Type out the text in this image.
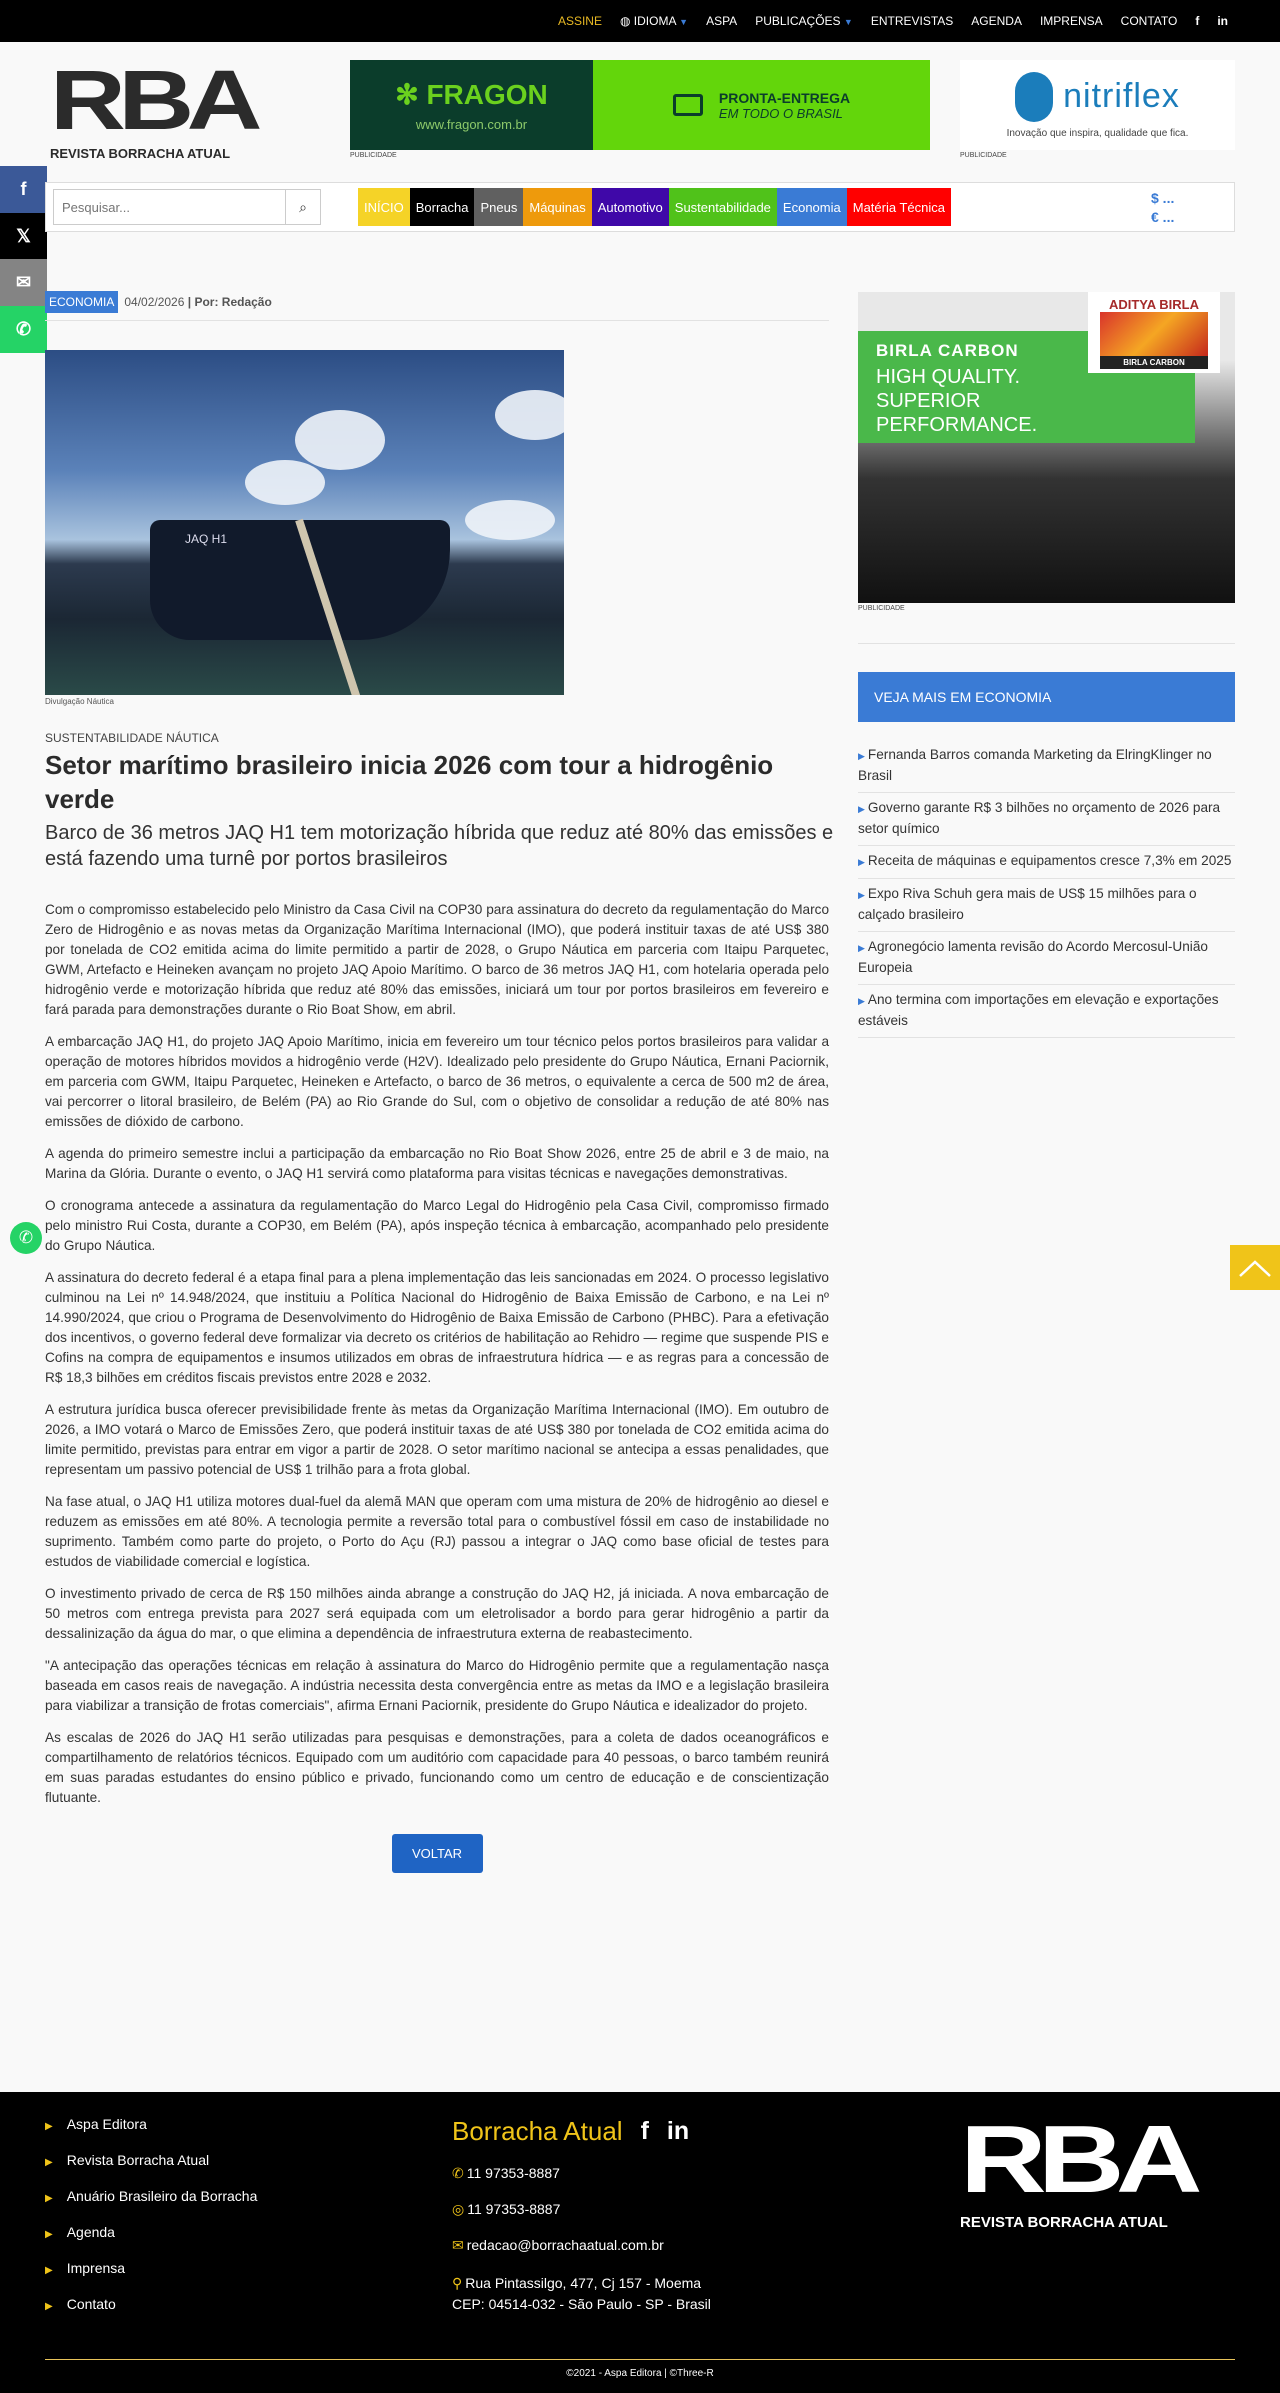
ASSINE ◍ IDIOMA ▼ ASPA PUBLICAÇÕES ▼ ENTREVISTAS AGENDA IMPRENSA CONTATO f in
RBA
REVISTA BORRACHA ATUAL
✻ FRAGON
www.fragon.com.br
PRONTA-ENTREGA
EM TODO O BRASIL
PUBLICIDADE
nitriflex
Inovação que inspira, qualidade que fica.
PUBLICIDADE
f
𝕏
✉
✆
Pesquisar...
⌕	INÍCIO Borracha Pneus Máquinas Automotivo Sustentabilidade Economia Matéria Técnica
$ ...
€ ...
ECONOMIA 04/02/2026
| Por: Redação
JAQ H1
Divulgação Náutica
SUSTENTABILIDADE NÁUTICA
Setor marítimo brasileiro inicia 2026 com tour a hidrogênio verde
Barco de 36 metros JAQ H1 tem motorização híbrida que reduz até 80% das emissões e está fazendo uma turnê por portos brasileiros

Com o compromisso estabelecido pelo Ministro da Casa Civil na COP30 para assinatura do decreto da regulamentação do Marco Zero de Hidrogênio e as novas metas da Organização Marítima Internacional (IMO), que poderá instituir taxas de até US$ 380 por tonelada de CO2 emitida acima do limite permitido a partir de 2028, o Grupo Náutica em parceria com Itaipu Parquetec, GWM, Artefacto e Heineken avançam no projeto JAQ Apoio Marítimo. O barco de 36 metros JAQ H1, com hotelaria operada pelo hidrogênio verde e motorização híbrida que reduz até 80% das emissões, iniciará um tour por portos brasileiros em fevereiro e fará parada para demonstrações durante o Rio Boat Show, em abril.

A embarcação JAQ H1, do projeto JAQ Apoio Marítimo, inicia em fevereiro um tour técnico pelos portos brasileiros para validar a operação de motores híbridos movidos a hidrogênio verde (H2V). Idealizado pelo presidente do Grupo Náutica, Ernani Paciornik, em parceria com GWM, Itaipu Parquetec, Heineken e Artefacto, o barco de 36 metros, o equivalente a cerca de 500 m2 de área, vai percorrer o litoral brasileiro, de Belém (PA) ao Rio Grande do Sul, com o objetivo de consolidar a redução de até 80% nas emissões de dióxido de carbono.

A agenda do primeiro semestre inclui a participação da embarcação no Rio Boat Show 2026, entre 25 de abril e 3 de maio, na Marina da Glória. Durante o evento, o JAQ H1 servirá como plataforma para visitas técnicas e navegações demonstrativas.

O cronograma antecede a assinatura da regulamentação do Marco Legal do Hidrogênio pela Casa Civil, compromisso firmado pelo ministro Rui Costa, durante a COP30, em Belém (PA), após inspeção técnica à embarcação, acompanhado pelo presidente do Grupo Náutica.

A assinatura do decreto federal é a etapa final para a plena implementação das leis sancionadas em 2024. O processo legislativo culminou na Lei nº 14.948/2024, que instituiu a Política Nacional do Hidrogênio de Baixa Emissão de Carbono, e na Lei nº 14.990/2024, que criou o Programa de Desenvolvimento do Hidrogênio de Baixa Emissão de Carbono (PHBC). Para a efetivação dos incentivos, o governo federal deve formalizar via decreto os critérios de habilitação ao Rehidro — regime que suspende PIS e Cofins na compra de equipamentos e insumos utilizados em obras de infraestrutura hídrica — e as regras para a concessão de R$ 18,3 bilhões em créditos fiscais previstos entre 2028 e 2032.

A estrutura jurídica busca oferecer previsibilidade frente às metas da Organização Marítima Internacional (IMO). Em outubro de 2026, a IMO votará o Marco de Emissões Zero, que poderá instituir taxas de até US$ 380 por tonelada de CO2 emitida acima do limite permitido, previstas para entrar em vigor a partir de 2028. O setor marítimo nacional se antecipa a essas penalidades, que representam um passivo potencial de US$ 1 trilhão para a frota global.

Na fase atual, o JAQ H1 utiliza motores dual-fuel da alemã MAN que operam com uma mistura de 20% de hidrogênio ao diesel e reduzem as emissões em até 80%. A tecnologia permite a reversão total para o combustível fóssil em caso de instabilidade no suprimento. Também como parte do projeto, o Porto do Açu (RJ) passou a integrar o JAQ como base oficial de testes para estudos de viabilidade comercial e logística.

O investimento privado de cerca de R$ 150 milhões ainda abrange a construção do JAQ H2, já iniciada. A nova embarcação de 50 metros com entrega prevista para 2027 será equipada com um eletrolisador a bordo para gerar hidrogênio a partir da dessalinização da água do mar, o que elimina a dependência de infraestrutura externa de reabastecimento.

"A antecipação das operações técnicas em relação à assinatura do Marco do Hidrogênio permite que a regulamentação nasça baseada em casos reais de navegação. A indústria necessita desta convergência entre as metas da IMO e a legislação brasileira para viabilizar a transição de frotas comerciais", afirma Ernani Paciornik, presidente do Grupo Náutica e idealizador do projeto.

As escalas de 2026 do JAQ H1 serão utilizadas para pesquisas e demonstrações, para a coleta de dados oceanográficos e compartilhamento de relatórios técnicos. Equipado com um auditório com capacidade para 40 pessoas, o barco também reunirá em suas paradas estudantes do ensino público e privado, funcionando como um centro de educação e de conscientização flutuante.

VOLTAR
BIRLA CARBON
HIGH QUALITY. SUPERIOR PERFORMANCE.
ADITYA BIRLA
BIRLA CARBON
PUBLICIDADE
VEJA MAIS EM ECONOMIA
▶ Fernanda Barros comanda Marketing da ElringKlinger no Brasil
▶ Governo garante R$ 3 bilhões no orçamento de 2026 para setor químico
▶ Receita de máquinas e equipamentos cresce 7,3% em 2025
▶ Expo Riva Schuh gera mais de US$ 15 milhões para o calçado brasileiro
▶ Agronegócio lamenta revisão do Acordo Mercosul-União Europeia
▶ Ano termina com importações em elevação e exportações estáveis
✆
▶ Aspa Editora
▶ Revista Borracha Atual
▶ Anuário Brasileiro da Borracha
▶ Agenda
▶ Imprensa
▶ Contato
Borracha Atual f in
✆ 11 97353-8887
◎ 11 97353-8887
✉ redacao@borrachaatual.com.br
⚲ Rua Pintassilgo, 477, Cj 157 - Moema
CEP: 04514-032 - São Paulo - SP - Brasil
RBA
REVISTA BORRACHA ATUAL
©2021 - Aspa Editora | ©Three-R
